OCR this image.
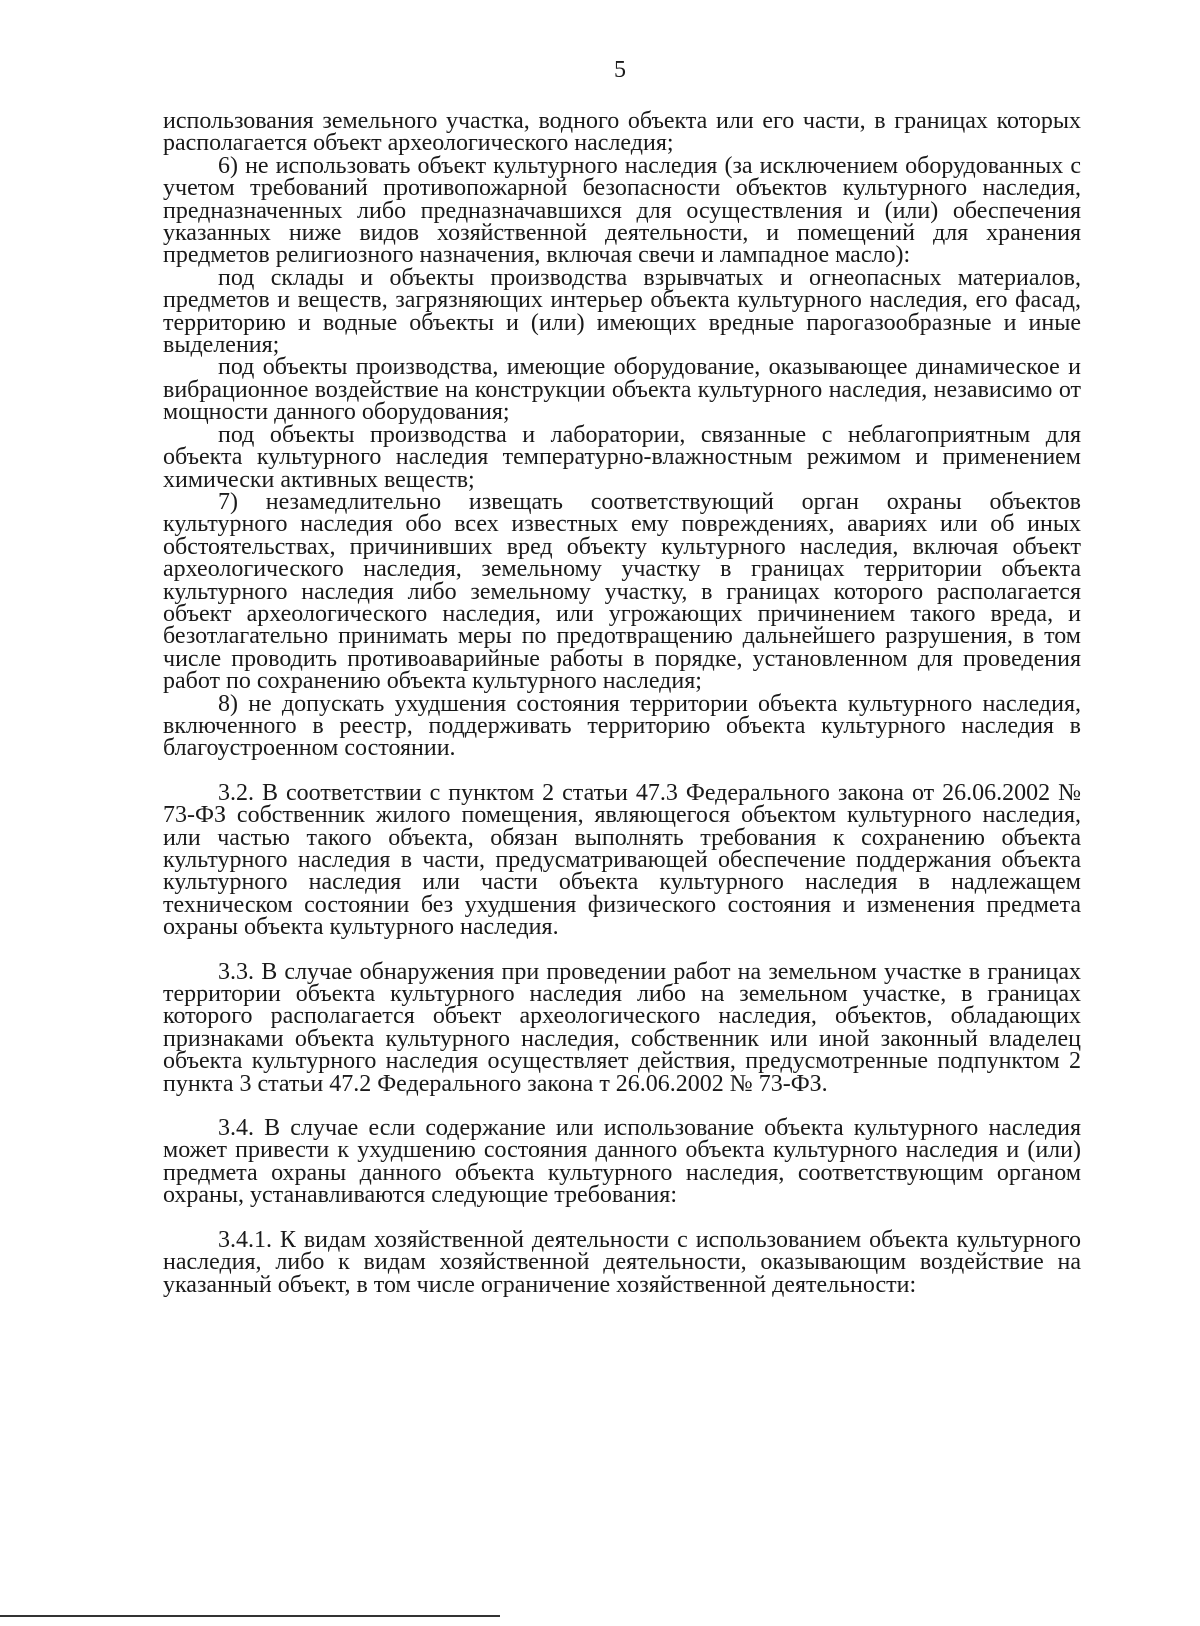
5

использования земельного участка, водного объекта или его части, в границах которых располагается объект археологического наследия;

6) не использовать объект культурного наследия (за исключением оборудованных с учетом требований противопожарной безопасности объектов культурного наследия, предназначенных либо предназначавшихся для осуществления и (или) обеспечения указанных ниже видов хозяйственной деятельности, и помещений для хранения предметов религиозного назначения, включая свечи и лампадное масло):

под склады и объекты производства взрывчатых и огнеопасных материалов, предметов и веществ, загрязняющих интерьер объекта культурного наследия, его фасад, территорию и водные объекты и (или) имеющих вредные парогазообразные и иные выделения;

под объекты производства, имеющие оборудование, оказывающее динамическое и вибрационное воздействие на конструкции объекта культурного наследия, независимо от мощности данного оборудования;

под объекты производства и лаборатории, связанные с неблагоприятным для объекта культурного наследия температурно-влажностным режимом и применением химически активных веществ;

7) незамедлительно извещать соответствующий орган охраны объектов культурного наследия обо всех известных ему повреждениях, авариях или об иных обстоятельствах, причинивших вред объекту культурного наследия, включая объект археологического наследия, земельному участку в границах территории объекта культурного наследия либо земельному участку, в границах которого располагается объект археологического наследия, или угрожающих причинением такого вреда, и безотлагательно принимать меры по предотвращению дальнейшего разрушения, в том числе проводить противоаварийные работы в порядке, установленном для проведения работ по сохранению объекта культурного наследия;

8) не допускать ухудшения состояния территории объекта культурного наследия, включенного в реестр, поддерживать территорию объекта культурного наследия в благоустроенном состоянии.

3.2. В соответствии с пунктом 2 статьи 47.3 Федерального закона от 26.06.2002 № 73-ФЗ собственник жилого помещения, являющегося объектом культурного наследия, или частью такого объекта, обязан выполнять требования к сохранению объекта культурного наследия в части, предусматривающей обеспечение поддержания объекта культурного наследия или части объекта культурного наследия в надлежащем техническом состоянии без ухудшения физического состояния и изменения предмета охраны объекта культурного наследия.

3.3. В случае обнаружения при проведении работ на земельном участке в границах территории объекта культурного наследия либо на земельном участке, в границах которого располагается объект археологического наследия, объектов, обладающих признаками объекта культурного наследия, собственник или иной законный владелец объекта культурного наследия осуществляет действия, предусмотренные подпунктом 2 пункта 3 статьи 47.2 Федерального закона т 26.06.2002 № 73-ФЗ.

3.4. В случае если содержание или использование объекта культурного наследия может привести к ухудшению состояния данного объекта культурного наследия и (или) предмета охраны данного объекта культурного наследия, соответствующим органом охраны, устанавливаются следующие требования:

3.4.1. К видам хозяйственной деятельности с использованием объекта культурного наследия, либо к видам хозяйственной деятельности, оказывающим воздействие на указанный объект, в том числе ограничение хозяйственной деятельности:
